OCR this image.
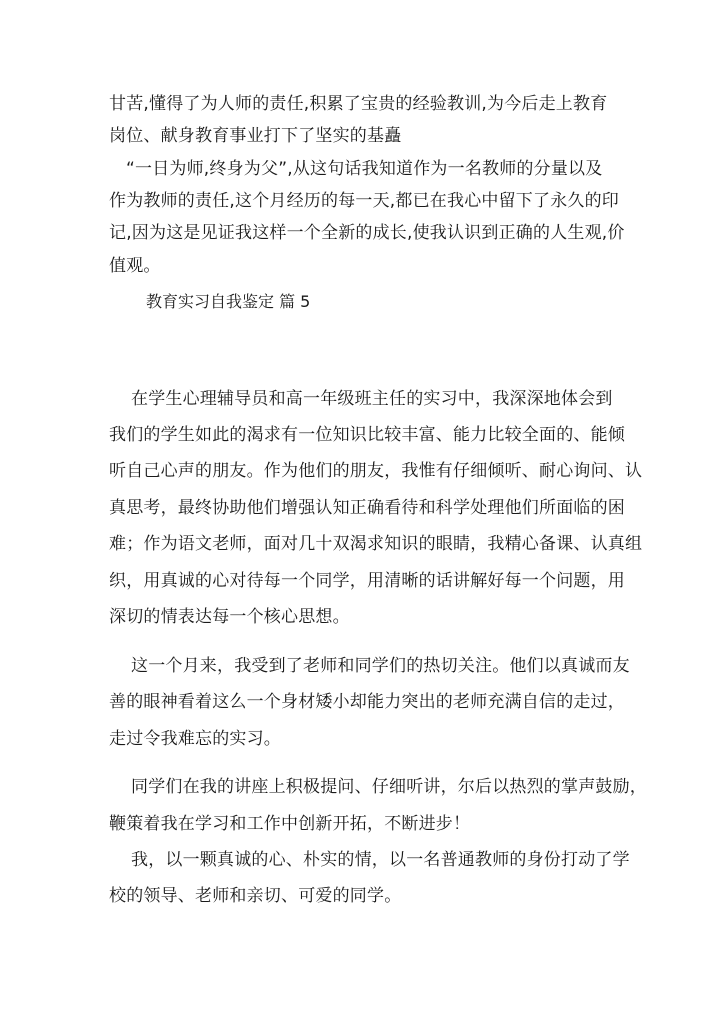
甘苦,懂得了为人师的责任,积累了宝贵的经验教训,为今后走上教育
岗位、献身教育事业打下了坚实的基矗
“一日为师,终身为父”,从这句话我知道作为一名教师的分量以及
作为教师的责任,这个月经历的每一天,都已在我心中留下了永久的印
记,因为这是见证我这样一个全新的成长,使我认识到正确的人生观,价
值观。
教育实习自我鉴定 篇 5
在学生心理辅导员和高一年级班主任的实习中，我深深地体会到
我们的学生如此的渴求有一位知识比较丰富、能力比较全面的、能倾
听自己心声的朋友。作为他们的朋友，我惟有仔细倾听、耐心询问、认
真思考，最终协助他们增强认知正确看待和科学处理他们所面临的困
难；作为语文老师，面对几十双渴求知识的眼睛，我精心备课、认真组
织，用真诚的心对待每一个同学，用清晰的话讲解好每一个问题，用
深切的情表达每一个核心思想。
这一个月来，我受到了老师和同学们的热切关注。他们以真诚而友
善的眼神看着这么一个身材矮小却能力突出的老师充满自信的走过，
走过令我难忘的实习。
同学们在我的讲座上积极提问、仔细听讲，尔后以热烈的掌声鼓励，
鞭策着我在学习和工作中创新开拓，不断进步！
我，以一颗真诚的心、朴实的情，以一名普通教师的身份打动了学
校的领导、老师和亲切、可爱的同学。
